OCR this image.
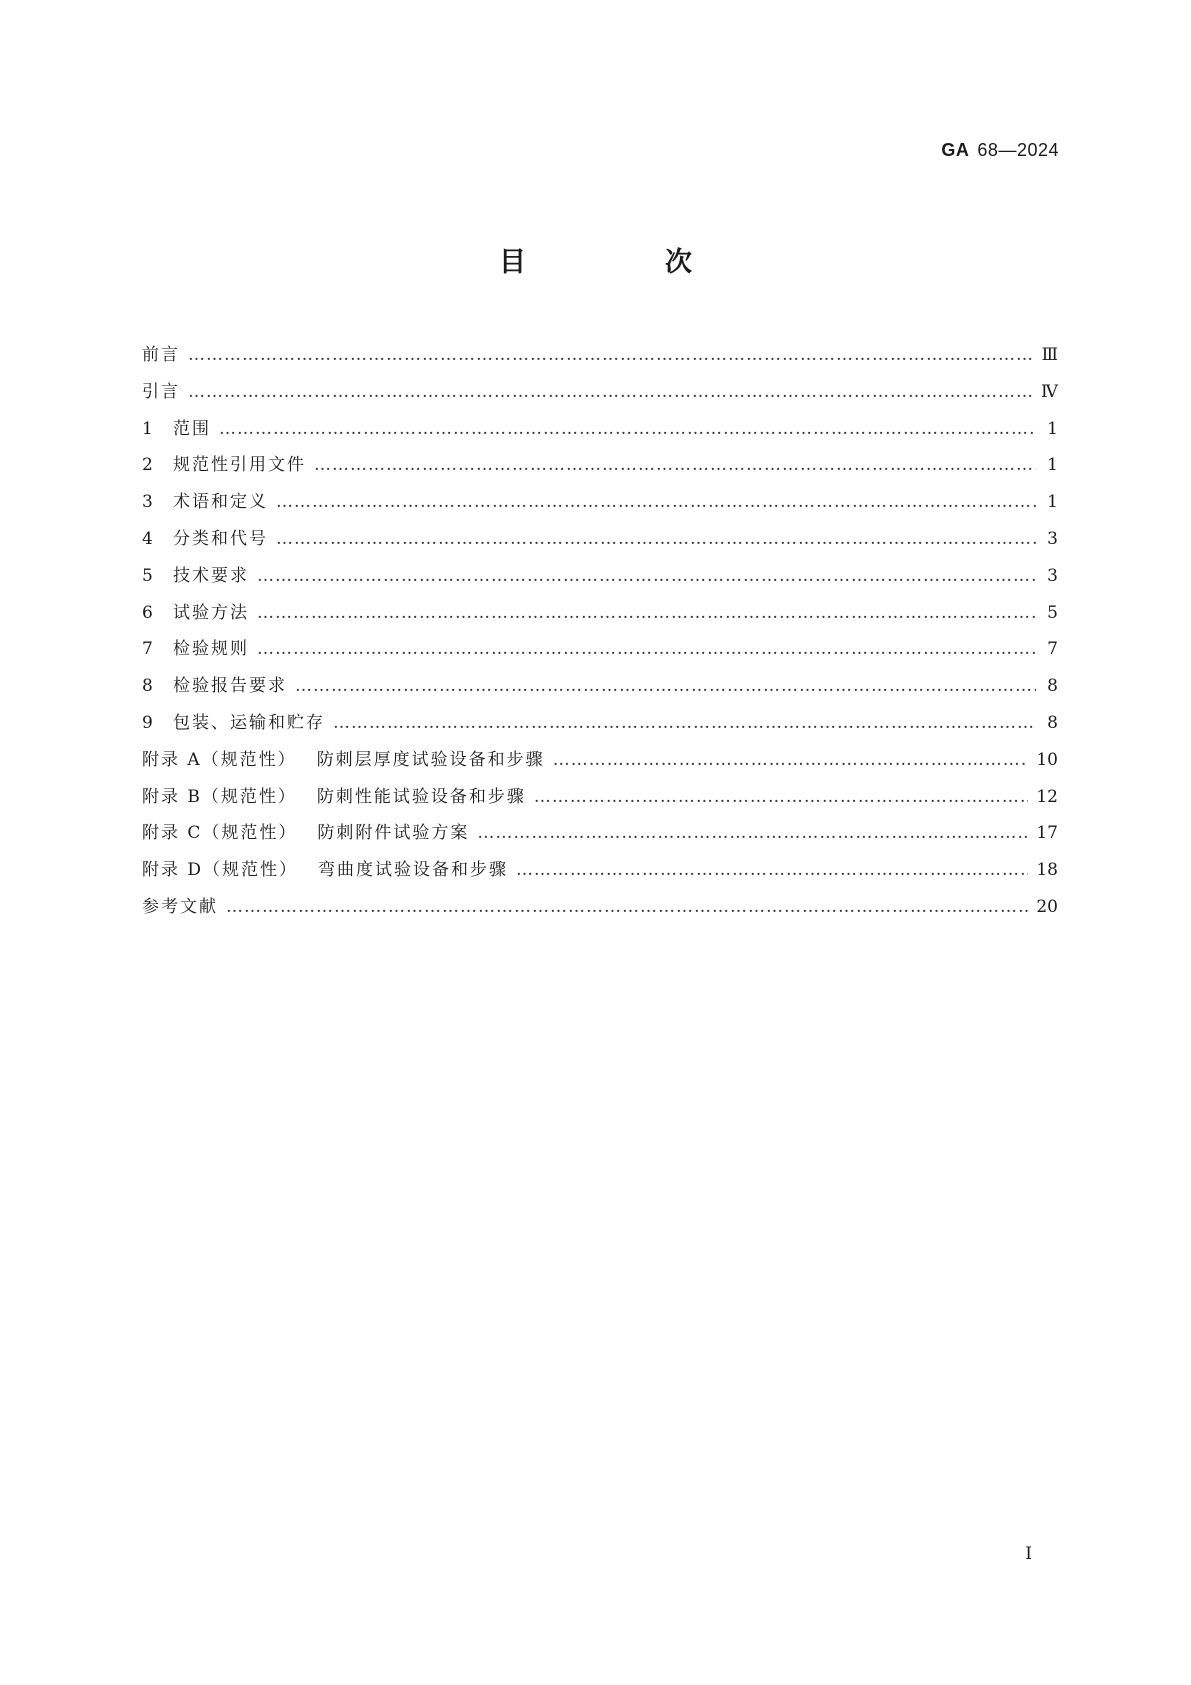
GA 68—2024
目　次
前言 …………………………………………………………………………………………………………………………………………………………………………………………………………	Ⅲ
引言 …………………………………………………………………………………………………………………………………………………………………………………………………………	Ⅳ
1	范围 …………………………………………………………………………………………………………………………………………………………………………………………………………	1
2	规范性引用文件 …………………………………………………………………………………………………………………………………………………………………………………………………………	1
3	术语和定义 …………………………………………………………………………………………………………………………………………………………………………………………………………	1
4	分类和代号 …………………………………………………………………………………………………………………………………………………………………………………………………………	3
5	技术要求 …………………………………………………………………………………………………………………………………………………………………………………………………………	3
6	试验方法 …………………………………………………………………………………………………………………………………………………………………………………………………………	5
7	检验规则 …………………………………………………………………………………………………………………………………………………………………………………………………………	7
8	检验报告要求 …………………………………………………………………………………………………………………………………………………………………………………………………………	8
9	包装、运输和贮存 …………………………………………………………………………………………………………………………………………………………………………………………………………	8
附录 A（规范性） 防刺层厚度试验设备和步骤 …………………………………………………………………………………………………………………………………………………………………………………………………………	10
附录 B（规范性） 防刺性能试验设备和步骤 …………………………………………………………………………………………………………………………………………………………………………………………………………	12
附录 C（规范性） 防刺附件试验方案 …………………………………………………………………………………………………………………………………………………………………………………………………………	17
附录 D（规范性） 弯曲度试验设备和步骤 …………………………………………………………………………………………………………………………………………………………………………………………………………	18
参考文献 …………………………………………………………………………………………………………………………………………………………………………………………………………	20
Ⅰ
